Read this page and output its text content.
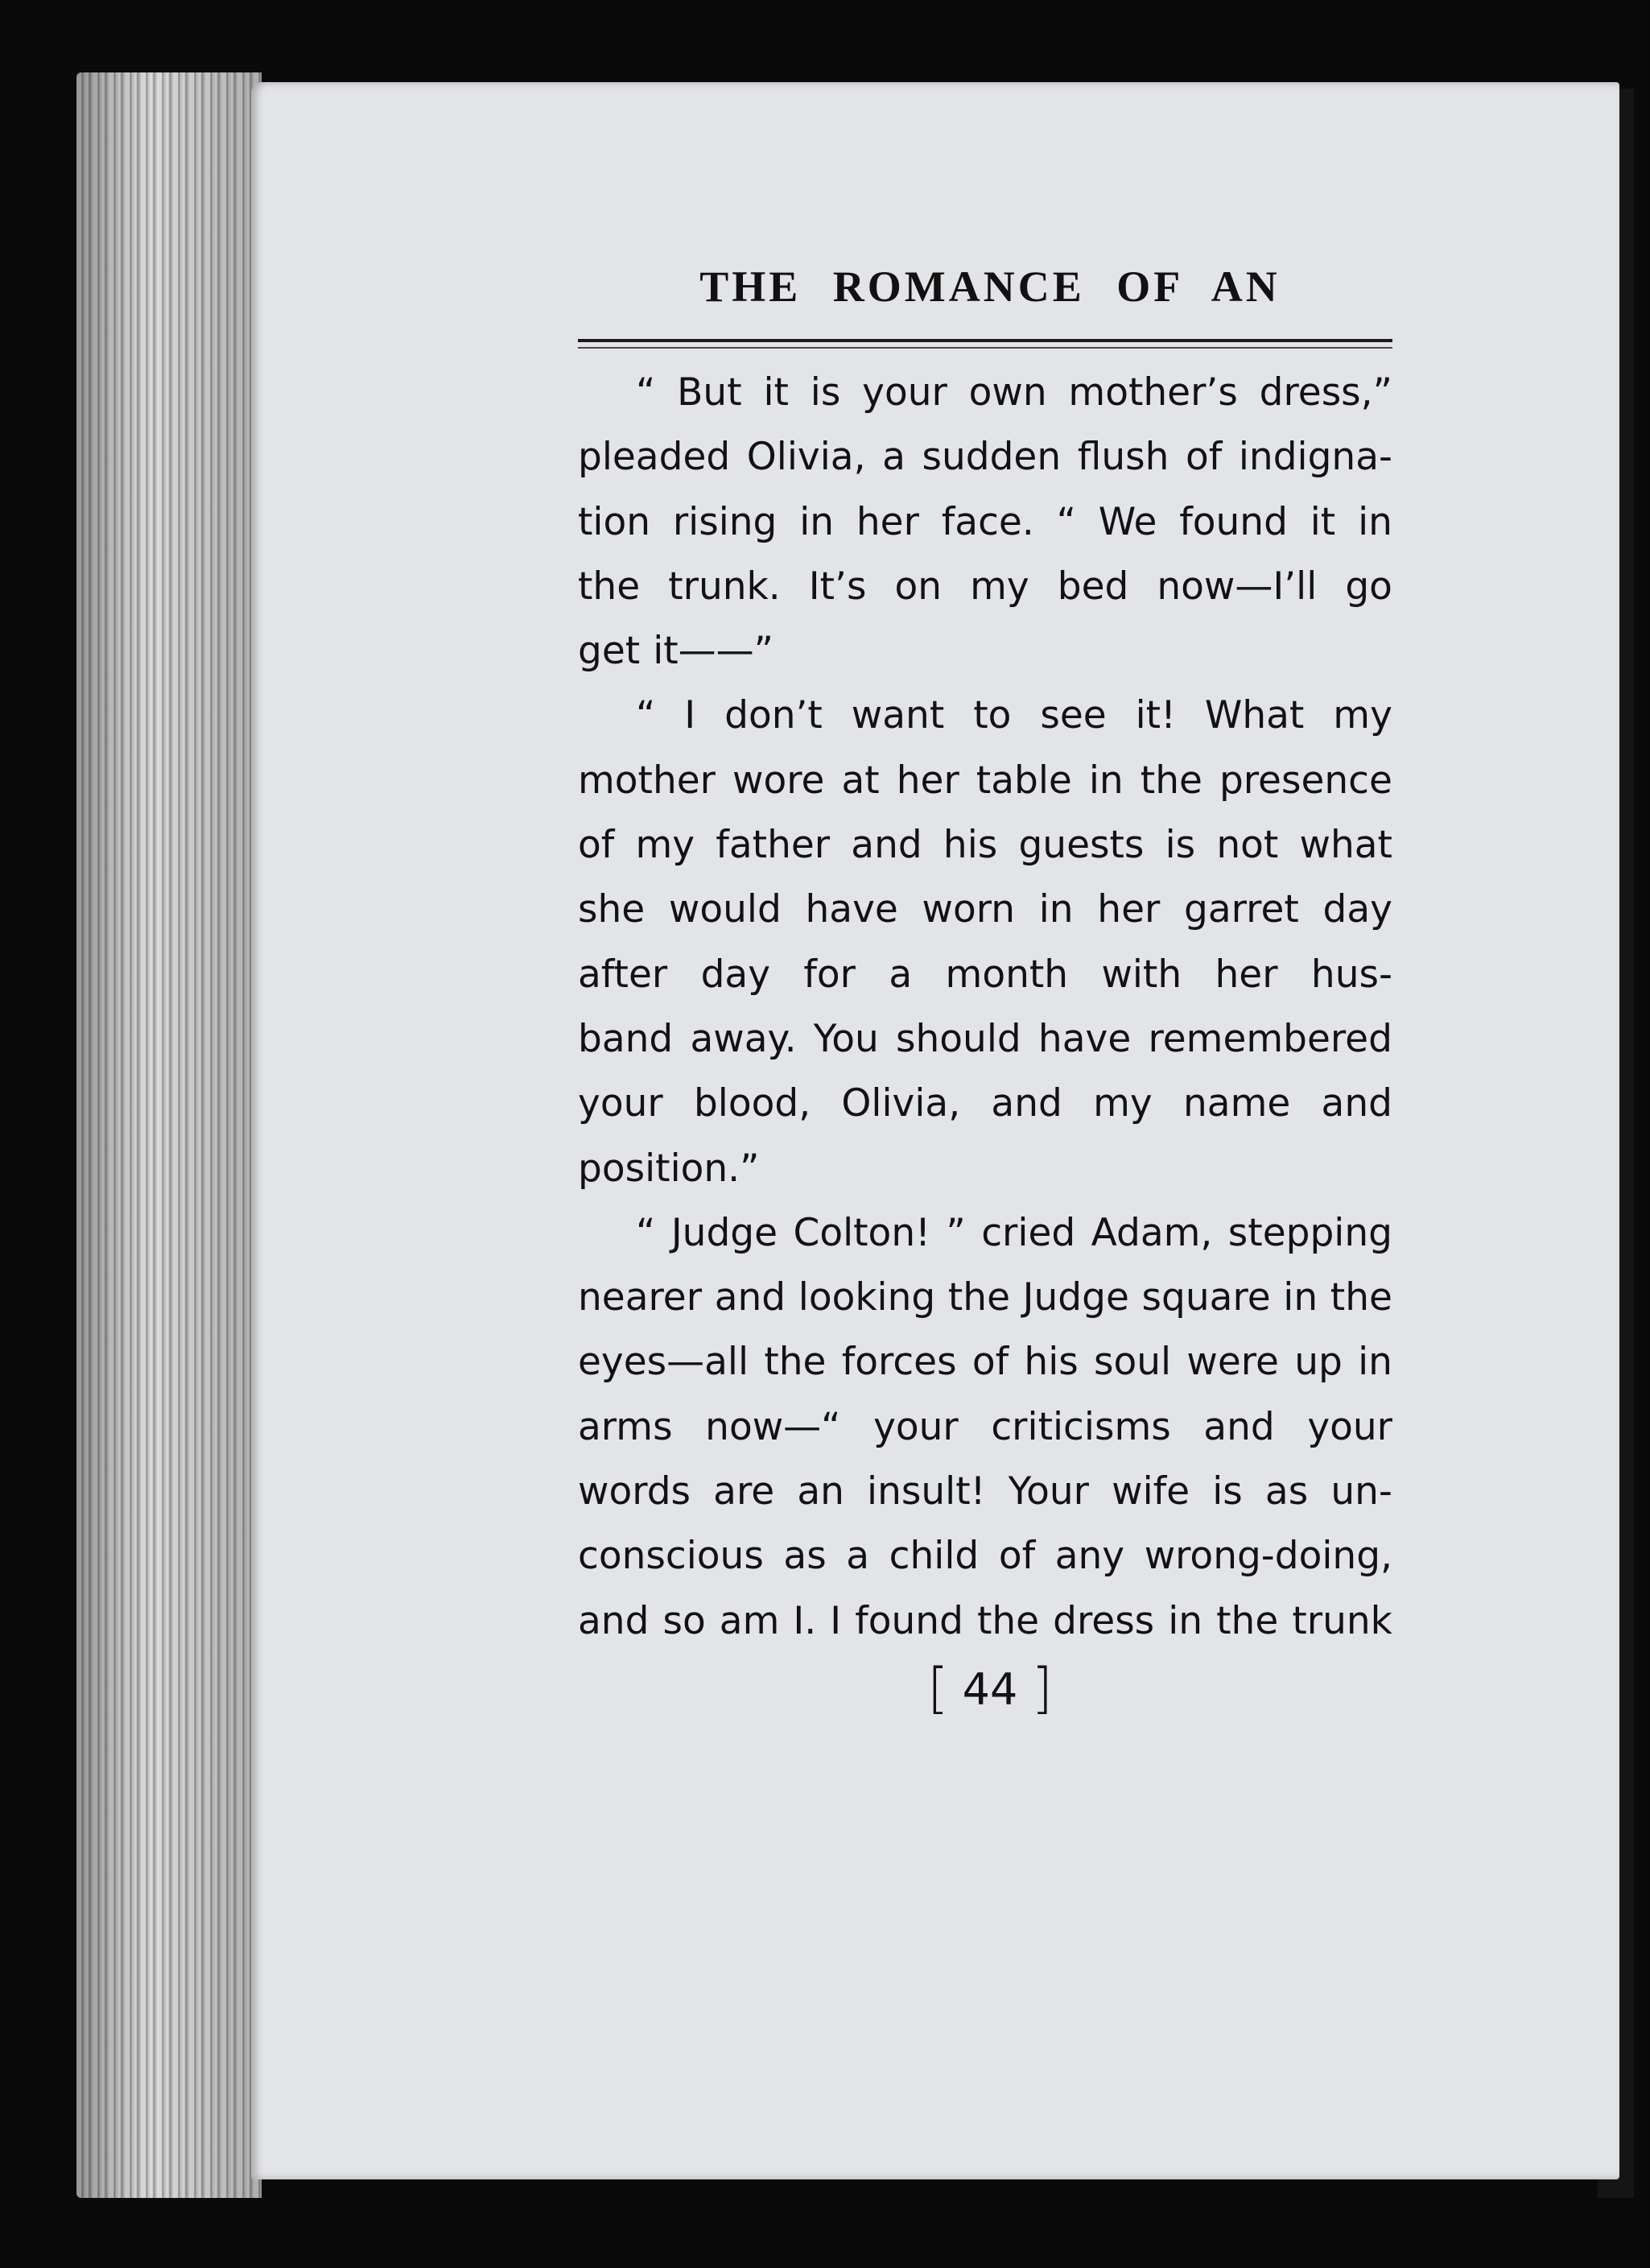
THE ROMANCE OF AN
“ But it is your own mother’s dress,”
pleaded Olivia, a sudden flush of indigna-
tion rising in her face. “ We found it in
the trunk. It’s on my bed now—I’ll go
get it——”
“ I don’t want to see it! What my
mother wore at her table in the presence
of my father and his guests is not what
she would have worn in her garret day
after day for a month with her hus-
band away. You should have remembered
your blood, Olivia, and my name and
position.”
“ Judge Colton! ” cried Adam, stepping
nearer and looking the Judge square in the
eyes—all the forces of his soul were up in
arms now—“ your criticisms and your
words are an insult! Your wife is as un-
conscious as a child of any wrong-doing,
and so am I. I found the dress in the trunk
[ 44 ]
